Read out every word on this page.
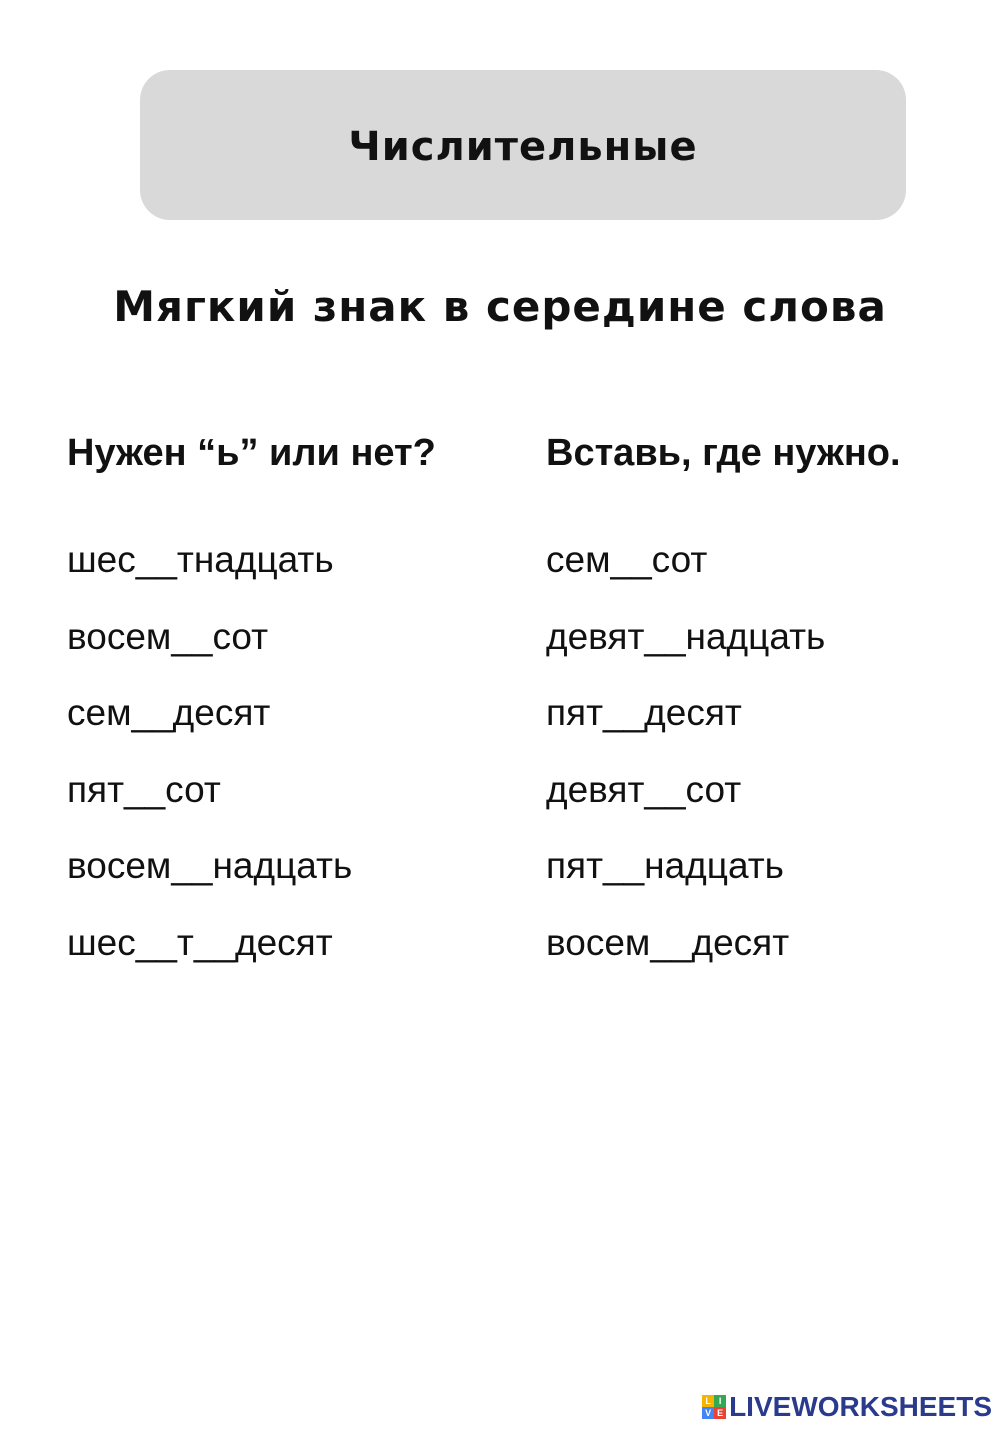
Числительные
Мягкий знак в середине слова
Нужен “ь” или нет?	Вставь, где нужно.
шес__тнадцать
восем__сот
сем__десят
пят__сот
восем__надцать
шес__т__десят
сем__сот
девят__надцать
пят__десят
девят__сот
пят__надцать
восем__десят
L I
V E LIVEWORKSHEETS
